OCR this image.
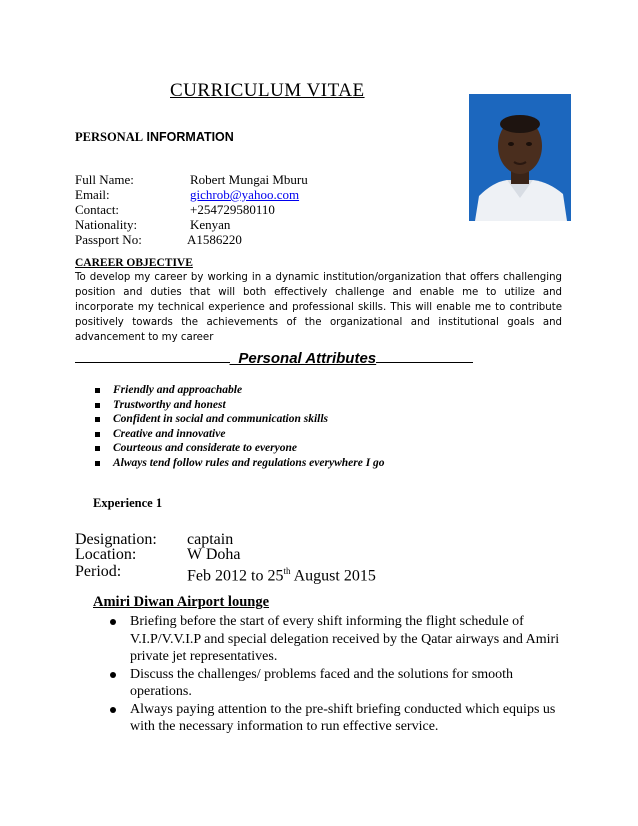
CURRICULUM VITAE
PERSONAL INFORMATION
Full Name:	Robert Mungai Mburu
Email:	gichrob@yahoo.com
Contact:	+254729580110
Nationality:	Kenyan
Passport No:	A1586220
CAREER OBJECTIVE
To develop my career by working in a dynamic institution/organization that offers challenging position and duties that will both effectively challenge and enable me to utilize and incorporate my technical experience and professional skills. This will enable me to contribute positively towards the achievements of the organizational and institutional goals and advancement to my career
_Personal Attributes
Friendly and approachable
Trustworthy and honest
Confident in social and communication skills
Creative and innovative
Courteous and considerate to everyone
Always tend follow rules and regulations everywhere I go
Experience 1
Designation: captain
Location:	W Doha
Period:	Feb 2012 to 25th August 2015
Amiri Diwan Airport lounge
Briefing before the start of every shift informing the flight schedule of V.I.P/V.V.I.P and special delegation received by the Qatar airways and Amiri private jet representatives.
Discuss the challenges/ problems faced and the solutions for smooth operations.
Always paying attention to the pre-shift briefing conducted which equips us with the necessary information to run effective service.
